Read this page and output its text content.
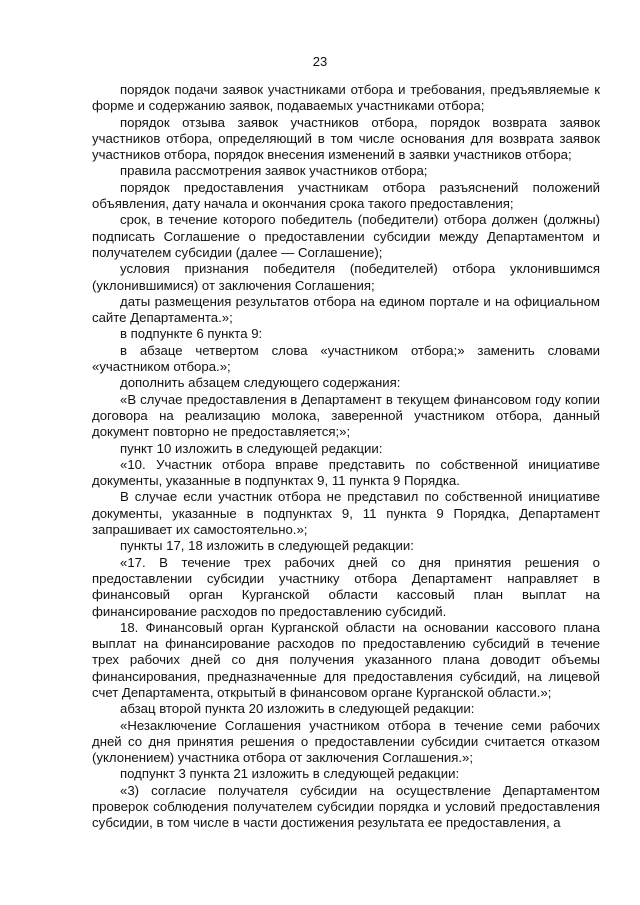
23

порядок подачи заявок участниками отбора и требования, предъявляемые к форме и содержанию заявок, подаваемых участниками отбора;

порядок отзыва заявок участников отбора, порядок возврата заявок участников отбора, определяющий в том числе основания для возврата заявок участников отбора, порядок внесения изменений в заявки участников отбора;

правила рассмотрения заявок участников отбора;

порядок предоставления участникам отбора разъяснений положений объявления, дату начала и окончания срока такого предоставления;

срок, в течение которого победитель (победители) отбора должен (должны) подписать Соглашение о предоставлении субсидии между Департаментом и получателем субсидии (далее — Соглашение);

условия признания победителя (победителей) отбора уклонившимся (уклонившимися) от заключения Соглашения;

даты размещения результатов отбора на едином портале и на официальном сайте Департамента.»;

в подпункте 6 пункта 9:

в абзаце четвертом слова «участником отбора;» заменить словами «участником отбора.»;

дополнить абзацем следующего содержания:

«В случае предоставления в Департамент в текущем финансовом году копии договора на реализацию молока, заверенной участником отбора, данный документ повторно не предоставляется;»;

пункт 10 изложить в следующей редакции:

«10. Участник отбора вправе представить по собственной инициативе документы, указанные в подпунктах 9, 11 пункта 9 Порядка.

В случае если участник отбора не представил по собственной инициативе документы, указанные в подпунктах 9, 11 пункта 9 Порядка, Департамент запрашивает их самостоятельно.»;

пункты 17, 18 изложить в следующей редакции:

«17. В течение трех рабочих дней со дня принятия решения о предоставлении субсидии участнику отбора Департамент направляет в финансовый орган Курганской области кассовый план выплат на финансирование расходов по предоставлению субсидий.

18. Финансовый орган Курганской области на основании кассового плана выплат на финансирование расходов по предоставлению субсидий в течение трех рабочих дней со дня получения указанного плана доводит объемы финансирования, предназначенные для предоставления субсидий, на лицевой счет Департамента, открытый в финансовом органе Курганской области.»;

абзац второй пункта 20 изложить в следующей редакции:

«Незаключение Соглашения участником отбора в течение семи рабочих дней со дня принятия решения о предоставлении субсидии считается отказом (уклонением) участника отбора от заключения Соглашения.»;

подпункт 3 пункта 21 изложить в следующей редакции:

«3) согласие получателя субсидии на осуществление Департаментом проверок соблюдения получателем субсидии порядка и условий предоставления субсидии, в том числе в части достижения результата ее предоставления, а
